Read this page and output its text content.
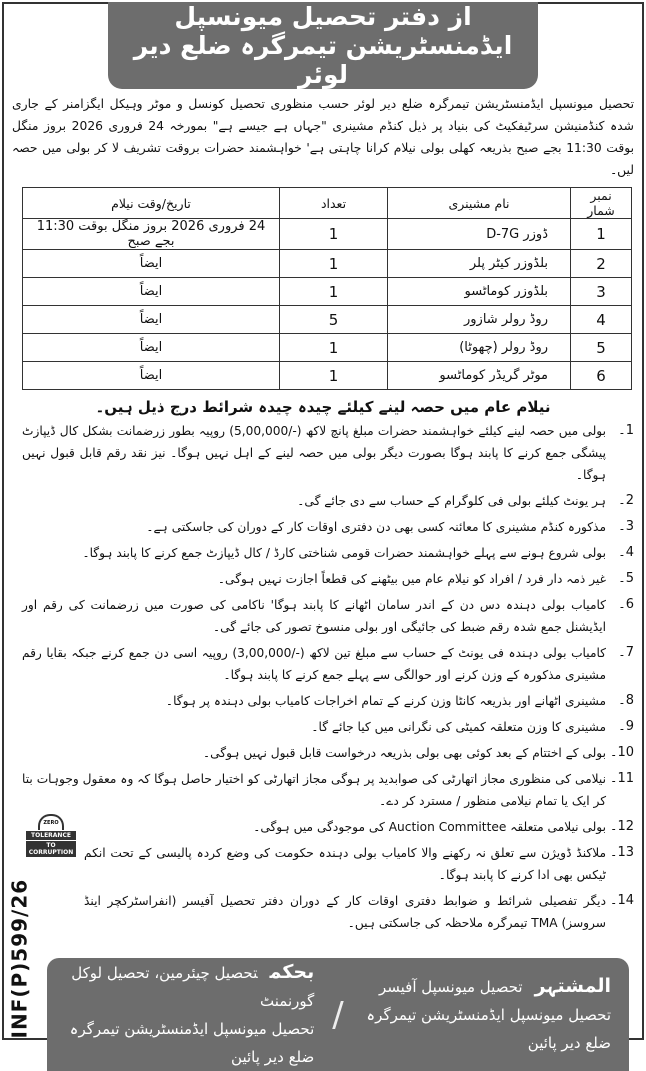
از دفتر تحصیل میونسپل ایڈمنسٹریشن تیمرگرہ ضلع دیر لوئر
تحصیل میونسپل ایڈمنسٹریشن تیمرگرہ ضلع دیر لوئر حسب منظوری تحصیل کونسل و موٹر وہیکل ایگزامنر کے جاری شدہ کنڈمنیشن سرٹیفکیٹ کی بنیاد پر ذیل کنڈم مشینری "جہاں ہے جیسے ہے" بمورخہ 24 فروری 2026 بروز منگل بوقت 11:30 بجے صبح بذریعہ کھلی بولی نیلام کرانا چاہتی ہے' خواہشمند حضرات بروقت تشریف لا کر بولی میں حصہ لیں۔
نمبر شمار	نام مشینری	تعداد	تاریخ/وقت نیلام
1	ڈوزر D-7G	1	24 فروری 2026 بروز منگل بوقت 11:30 بجے صبح
2	بلڈوزر کیٹر پلر	1	ایضاً
3	بلڈوزر کوماٹسو	1	ایضاً
4	روڈ رولر شازور	5	ایضاً
5	روڈ رولر (چھوٹا)	1	ایضاً
6	موٹر گریڈر کوماٹسو	1	ایضاً
نیلام عام میں حصہ لینے کیلئے چیدہ چیدہ شرائط درج ذیل ہیں۔
1۔
بولی میں حصہ لینے کیلئے خواہشمند حضرات مبلغ پانچ لاکھ (-/5,00,000) روپیہ بطور زرضمانت بشکل کال ڈیپازٹ پیشگی جمع کرنے کا پابند ہوگا بصورت دیگر بولی میں حصہ لینے کے اہل نہیں ہوگا۔ نیز نقد رقم قابل قبول نہیں ہوگا۔
2۔
ہر یونٹ کیلئے بولی فی کلوگرام کے حساب سے دی جائے گی۔
3۔
مذکورہ کنڈم مشینری کا معائنہ کسی بھی دن دفتری اوقات کار کے دوران کی جاسکتی ہے۔
4۔
بولی شروع ہونے سے پہلے خواہشمند حضرات قومی شناختی کارڈ / کال ڈیپازٹ جمع کرنے کا پابند ہوگا۔
5۔
غیر ذمہ دار فرد / افراد کو نیلام عام میں بیٹھنے کی قطعاً اجازت نہیں ہوگی۔
6۔
کامیاب بولی دہندہ دس دن کے اندر سامان اٹھانے کا پابند ہوگا' ناکامی کی صورت میں زرضمانت کی رقم اور ایڈیشنل جمع شدہ رقم ضبط کی جائیگی اور بولی منسوخ تصور کی جائے گی۔
7۔
کامیاب بولی دہندہ فی یونٹ کے حساب سے مبلغ تین لاکھ (-/3,00,000) روپیہ اسی دن جمع کرنے جبکہ بقایا رقم مشینری مذکورہ کے وزن کرنے اور حوالگی سے پہلے جمع کرنے کا پابند ہوگا۔
8۔
مشینری اٹھانے اور بذریعہ کانٹا وزن کرنے کے تمام اخراجات کامیاب بولی دہندہ پر ہوگا۔
9۔
مشینری کا وزن متعلقہ کمیٹی کی نگرانی میں کیا جائے گا۔
10۔
بولی کے اختتام کے بعد کوئی بھی بولی بذریعہ درخواست قابل قبول نہیں ہوگی۔
11۔
نیلامی کی منظوری مجاز اتھارٹی کی صوابدید پر ہوگی مجاز اتھارٹی کو اختیار حاصل ہوگا کہ وہ معقول وجوہات بتا کر ایک یا تمام نیلامی منظور / مسترد کر دے۔
12۔
بولی نیلامی متعلقہ Auction Committee کی موجودگی میں ہوگی۔
ZERO
TOLERANCE
TO CORRUPTION	13۔
ملاکنڈ ڈویژن سے تعلق نہ رکھنے والا کامیاب بولی دہندہ حکومت کی وضع کردہ پالیسی کے تحت انکم ٹیکس بھی ادا کرنے کا پابند ہوگا۔
14۔
دیگر تفصیلی شرائط و ضوابط دفتری اوقات کار کے دوران دفتر تحصیل آفیسر (انفراسٹرکچر اینڈ سروسز) TMA تیمرگرہ ملاحظہ کی جاسکتی ہیں۔
INF(P)599/26	المشتہرتحصیل میونسپل آفیسر
تحصیل میونسپل ایڈمنسٹریشن تیمرگرہ ضلع دیر پائین
/
بحکمتحصیل چیئرمین، تحصیل لوکل گورنمنٹ
تحصیل میونسپل ایڈمنسٹریشن تیمرگرہ ضلع دیر پائین
